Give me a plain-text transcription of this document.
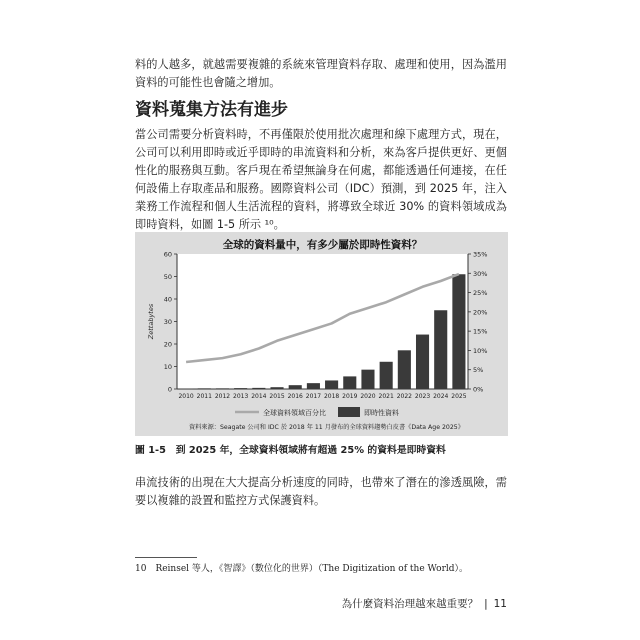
料的人越多，就越需要複雜的系統來管理資料存取、處理和使用，因為濫用資料的可能性也會隨之增加。

資料蒐集方法有進步

當公司需要分析資料時，不再僅限於使用批次處理和線下處理方式，現在，公司可以利用即時或近乎即時的串流資料和分析，來為客戶提供更好、更個性化的服務與互動。客戶現在希望無論身在何處，都能透過任何連接，在任何設備上存取產品和服務。國際資料公司（IDC）預測，到 2025 年，注入業務工作流程和個人生活流程的資料，將導致全球近 30% 的資料領域成為即時資料，如圖 1-5 所示 ¹⁰。

全球的資料量中，有多少屬於即時性資料？
0
10
20
30
40
50
60
0%
5%
10%
15%
20%
25%
30%
35%
Zettabytes
2010 2011 2012 2013 2014 2015 2016 2017 2018 2019 2020 2021 2022 2023 2024 2025
全球資料領域百分比	即時性資料
資料來源：Seagate 公司和 IDC 於 2018 年 11 月發布的全球資料趨勢白皮書《Data Age 2025》

圖 1-5　到 2025 年，全球資料領域將有超過 25% 的資料是即時資料

串流技術的出現在大大提高分析速度的同時，也帶來了潛在的滲透風險，需要以複雜的設置和監控方式保護資料。

10　Reinsel 等人，《智譯》（數位化的世界）（The Digitization of the World）。

為什麼資料治理越來越重要？ | 11
